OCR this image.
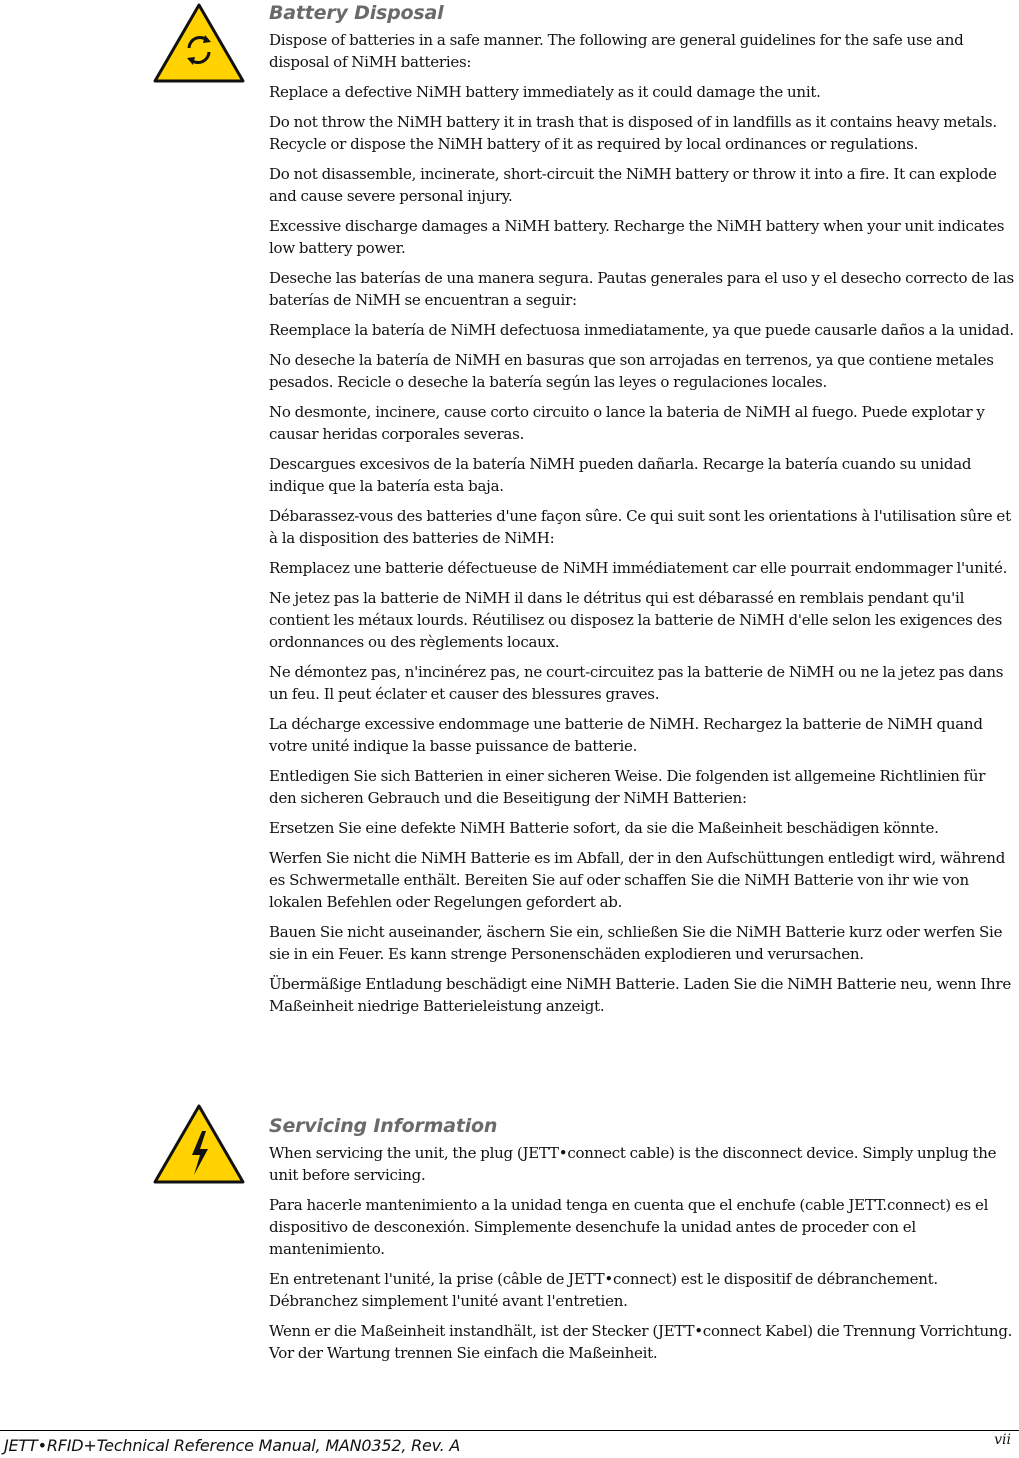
Battery Disposal

Dispose of batteries in a safe manner. The following are general guidelines for the safe use and disposal of NiMH batteries:

Replace a defective NiMH battery immediately as it could damage the unit.

Do not throw the NiMH battery it in trash that is disposed of in landfills as it contains heavy metals. Recycle or dispose the NiMH battery of it as required by local ordinances or regulations.

Do not disassemble, incinerate, short-circuit the NiMH battery or throw it into a fire. It can explode and cause severe personal injury.

Excessive discharge damages a NiMH battery. Recharge the NiMH battery when your unit indicates low battery power.

Deseche las baterías de una manera segura. Pautas generales para el uso y el desecho correcto de las baterías de NiMH se encuentran a seguir:

Reemplace la batería de NiMH defectuosa inmediatamente, ya que puede causarle daños a la unidad.

No deseche la batería de NiMH en basuras que son arrojadas en terrenos, ya que contiene metales pesados. Recicle o deseche la batería según las leyes o regulaciones locales.

No desmonte, incinere, cause corto circuito o lance la bateria de NiMH al fuego. Puede explotar y causar heridas corporales severas.

Descargues excesivos de la batería NiMH pueden dañarla. Recarge la batería cuando su unidad indique que la batería esta baja.

Débarassez-vous des batteries d'une façon sûre. Ce qui suit sont les orientations à l'utilisation sûre et à la disposition des batteries de NiMH:

Remplacez une batterie défectueuse de NiMH immédiatement car elle pourrait endommager l'unité.

Ne jetez pas la batterie de NiMH il dans le détritus qui est débarassé en remblais pendant qu'il contient les métaux lourds. Réutilisez ou disposez la batterie de NiMH d'elle selon les exigences des ordonnances ou des règlements locaux.

Ne démontez pas, n'incinérez pas, ne court-circuitez pas la batterie de NiMH ou ne la jetez pas dans un feu. Il peut éclater et causer des blessures graves.

La décharge excessive endommage une batterie de NiMH. Rechargez la batterie de NiMH quand votre unité indique la basse puissance de batterie.

Entledigen Sie sich Batterien in einer sicheren Weise. Die folgenden ist allgemeine Richtlinien für den sicheren Gebrauch und die Beseitigung der NiMH Batterien:

Ersetzen Sie eine defekte NiMH Batterie sofort, da sie die Maßeinheit beschädigen könnte.

Werfen Sie nicht die NiMH Batterie es im Abfall, der in den Aufschüttungen entledigt wird, während es Schwermetalle enthält. Bereiten Sie auf oder schaffen Sie die NiMH Batterie von ihr wie von lokalen Befehlen oder Regelungen gefordert ab.

Bauen Sie nicht auseinander, äschern Sie ein, schließen Sie die NiMH Batterie kurz oder werfen Sie sie in ein Feuer. Es kann strenge Personenschäden explodieren und verursachen.

Übermäßige Entladung beschädigt eine NiMH Batterie. Laden Sie die NiMH Batterie neu, wenn Ihre Maßeinheit niedrige Batterieleistung anzeigt.

Servicing Information

When servicing the unit, the plug (JETT•connect cable) is the disconnect device. Simply unplug the unit before servicing.

Para hacerle mantenimiento a la unidad tenga en cuenta que el enchufe (cable JETT.connect) es el dispositivo de desconexión. Simplemente desenchufe la unidad antes de proceder con el mantenimiento.

En entretenant l'unité, la prise (câble de JETT•connect) est le dispositif de débranchement. Débranchez simplement l'unité avant l'entretien.

Wenn er die Maßeinheit instandhält, ist der Stecker (JETT•connect Kabel) die Trennung Vorrichtung. Vor der Wartung trennen Sie einfach die Maßeinheit.

JETT•RFID+Technical Reference Manual, MAN0352, Rev. A	vii
